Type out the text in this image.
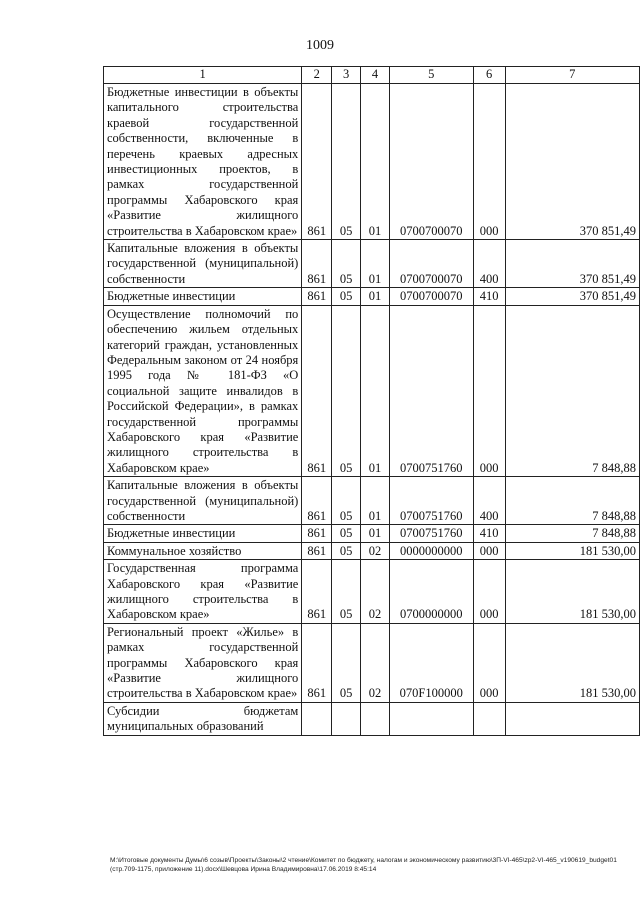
1009
1	2	3	4	5	6	7
Бюджетные инвестиции в объекты капитального строительства краевой государственной собственности, включенные в перечень краевых адресных инвестиционных проектов, в рамках государственной программы Хабаровского края «Развитие жилищного строительства в Хабаровском крае»	861	05	01	0700700070	000	370 851,49
Капитальные вложения в объекты государственной (муниципальной) собственности	861	05	01	0700700070	400	370 851,49
Бюджетные инвестиции	861	05	01	0700700070	410	370 851,49
Осуществление полномочий по обеспечению жильем отдельных категорий граждан, установленных Федеральным законом от 24 ноября 1995 года № 181-ФЗ «О социальной защите инвалидов в Российской Федерации», в рамках государственной программы Хабаровского края «Развитие жилищного строительства в Хабаровском крае»	861	05	01	0700751760	000	7 848,88
Капитальные вложения в объекты государственной (муниципальной) собственности	861	05	01	0700751760	400	7 848,88
Бюджетные инвестиции	861	05	01	0700751760	410	7 848,88
Коммунальное хозяйство	861	05	02	0000000000	000	181 530,00
Государственная программа Хабаровского края «Развитие жилищного строительства в Хабаровском крае»	861	05	02	0700000000	000	181 530,00
Региональный проект «Жилье» в рамках государственной программы Хабаровского края «Развитие жилищного строительства в Хабаровском крае»	861	05	02	070F100000	000	181 530,00
Субсидии бюджетам муниципальных образований						
M:\Итоговые документы Думы\6 созыв\Проекты\Законы\2 чтение\Комитет по бюджету, налогам и экономическому развитию\3П-VI-465\zp2-VI-465_v190619_budget01 (стр.709-1175, приложение 11).docx\Шевцова Ирина Владимировна\17.06.2019 8:45:14
